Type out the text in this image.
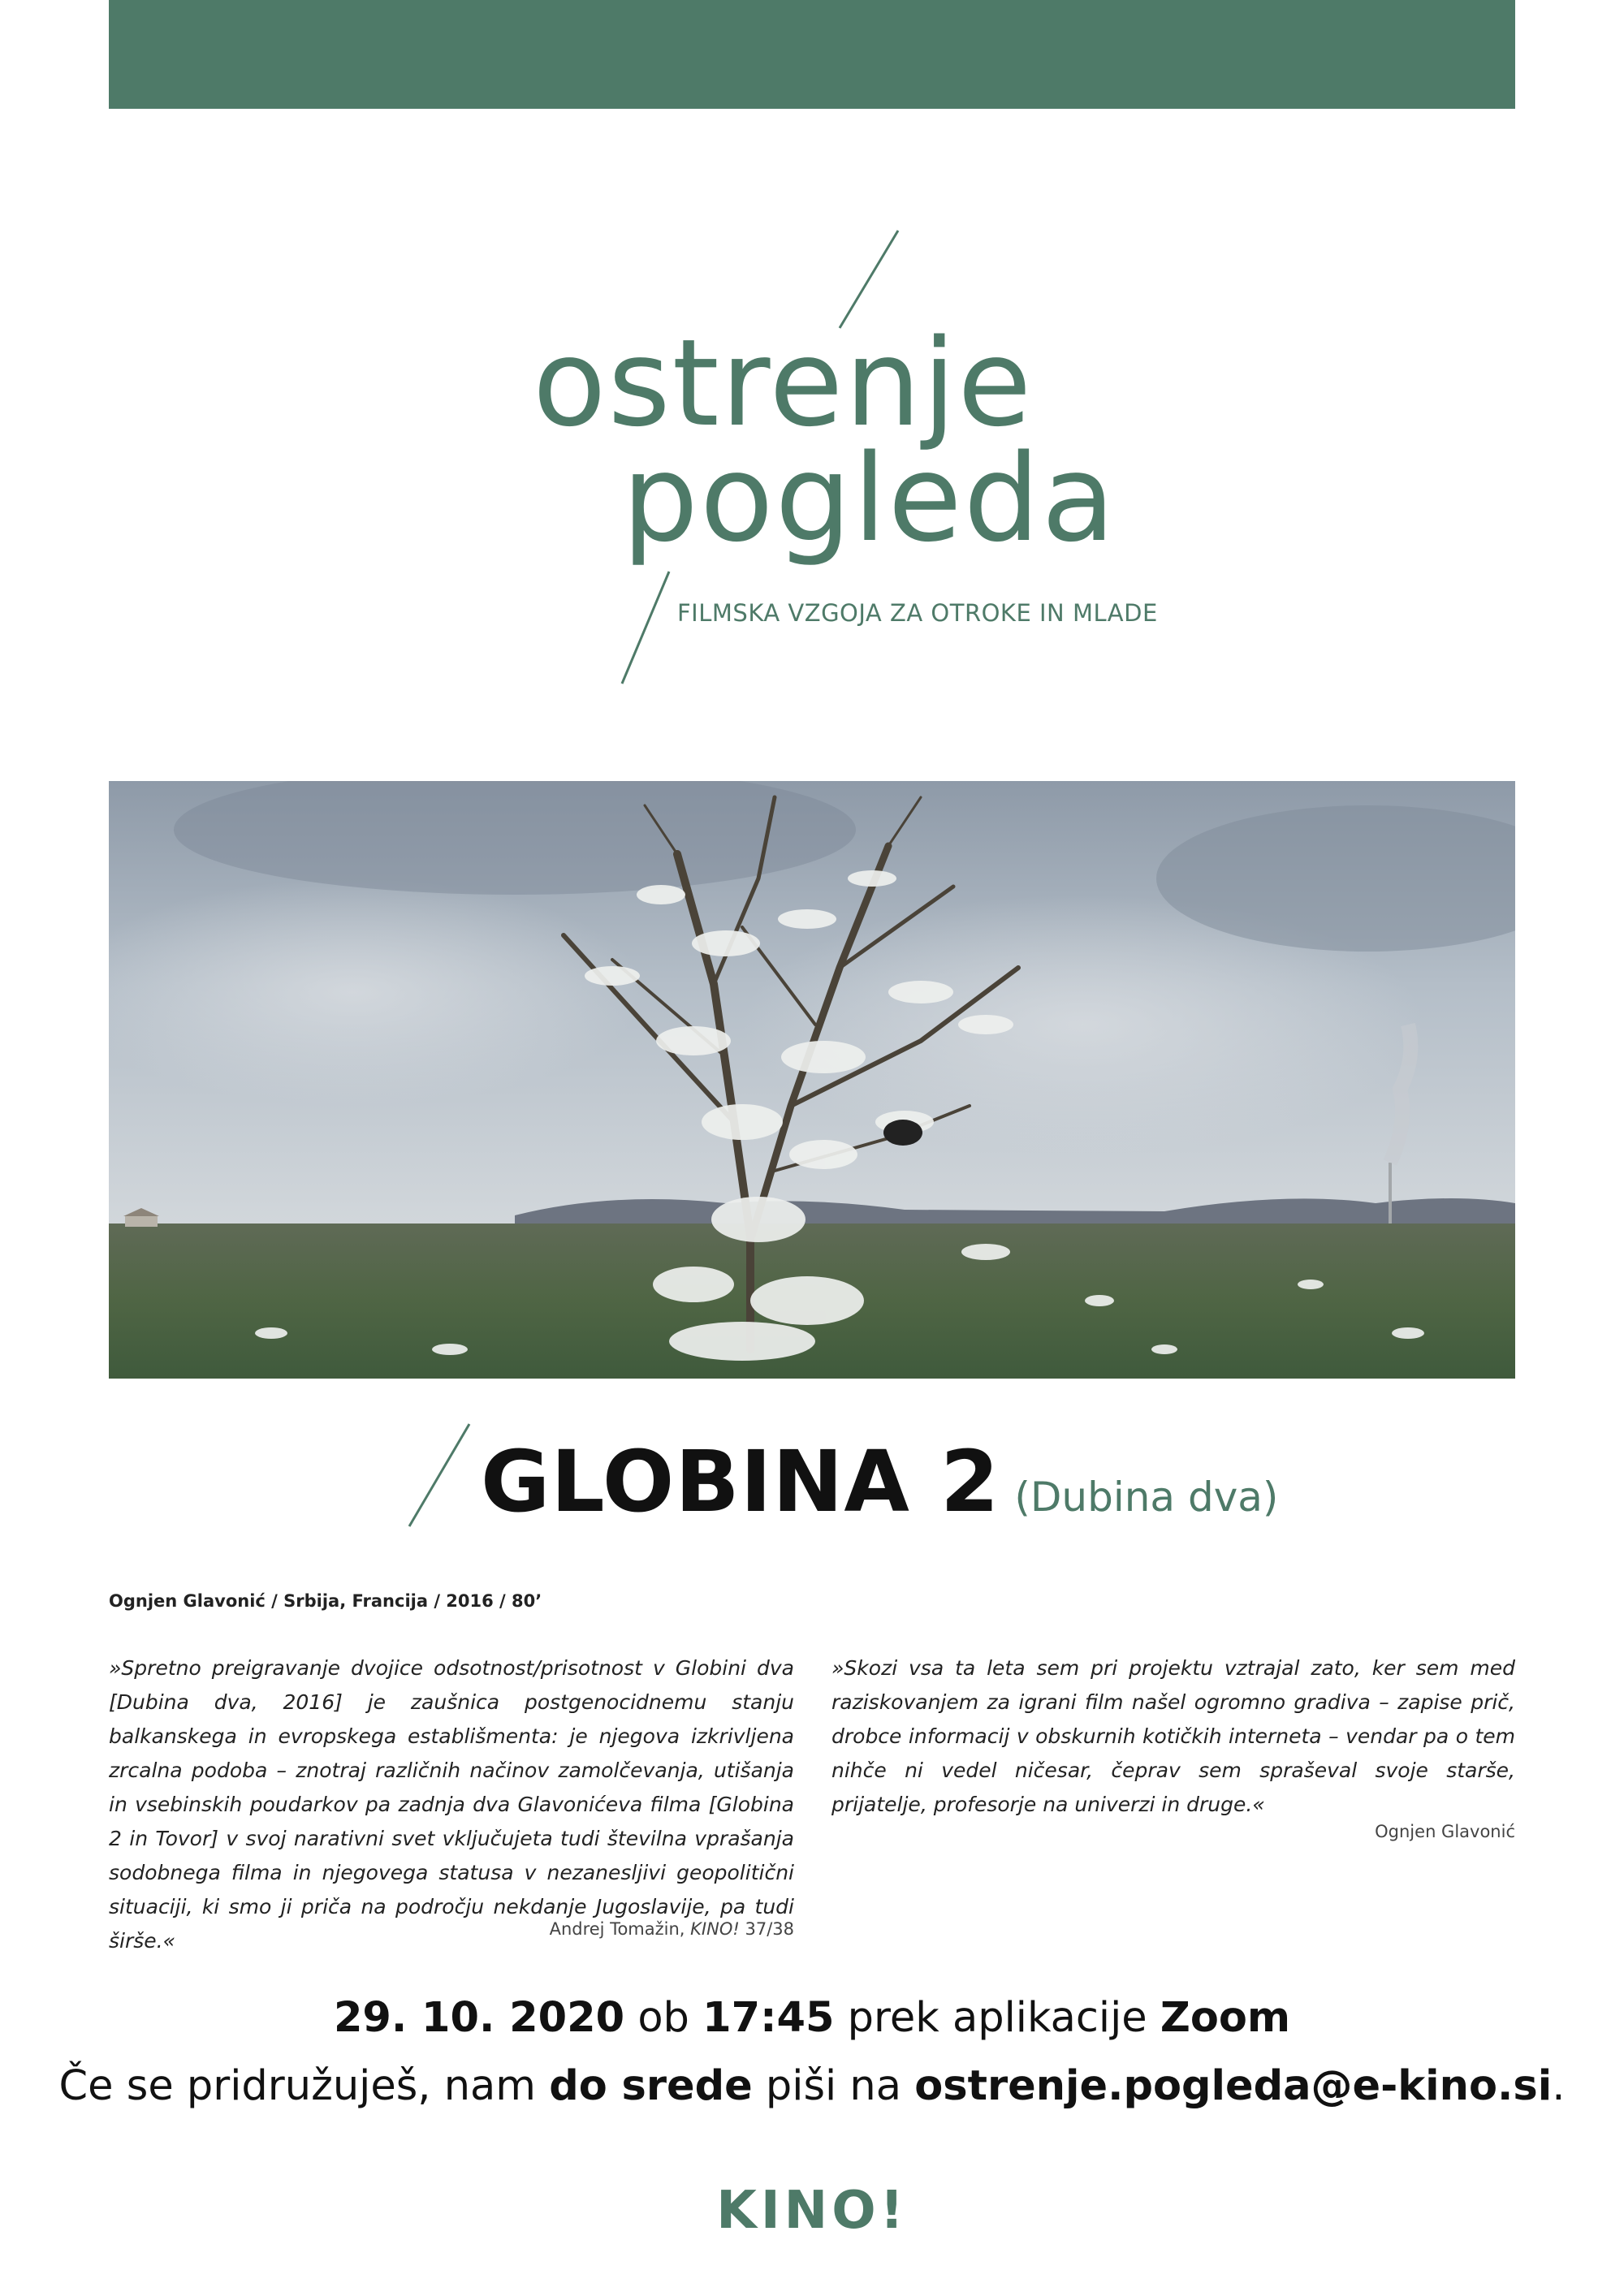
ostrenje
pogleda
FILMSKA VZGOJA ZA OTROKE IN MLADE
GLOBINA 2 (Dubina dva)
Ognjen Glavonić / Srbija, Francija / 2016 / 80’
»Spretno preigravanje dvojice odsotnost/prisotnost v Globini dva [Dubina dva, 2016] je zaušnica postgenocidnemu stanju balkanskega in evropskega establišmenta: je njegova izkrivljena zrcalna podoba – znotraj različnih načinov zamolčevanja, utišanja in vsebinskih poudarkov pa zadnja dva Glavonićeva filma [Globina 2 in Tovor] v svoj narativni svet vključujeta tudi številna vprašanja sodobnega filma in njegovega statusa v nezanesljivi geopolitični situaciji, ki smo ji priča na področju nekdanje Jugoslavije, pa tudi širše.«	Andrej Tomažin, KINO! 37/38
»Skozi vsa ta leta sem pri projektu vztrajal zato, ker sem med raziskovanjem za igrani film našel ogromno gradiva – zapise prič, drobce informacij v obskurnih kotičkih interneta – vendar pa o tem nihče ni vedel ničesar, čeprav sem spraševal svoje starše, prijatelje, profesorje na univerzi in druge.«
Ognjen Glavonić
29. 10. 2020 ob 17:45 prek aplikacije Zoom
Če se pridružuješ, nam do srede piši na ostrenje.pogleda@e-kino.si.
KINO!
